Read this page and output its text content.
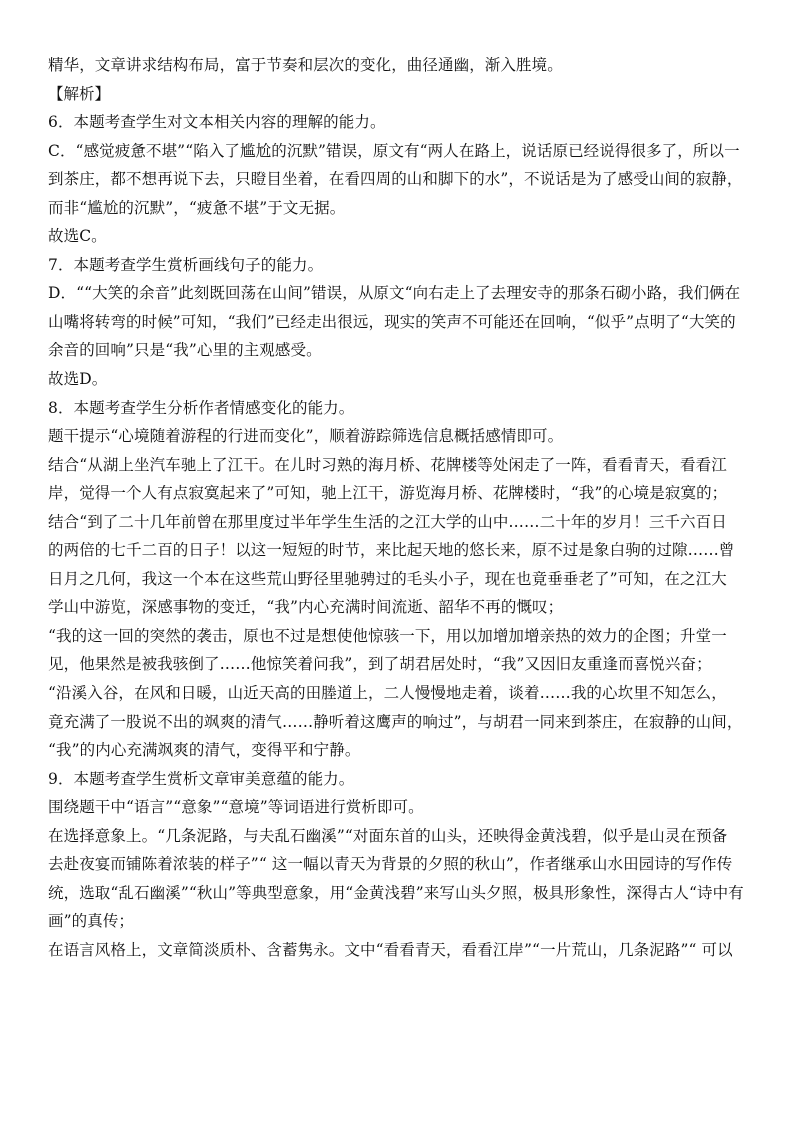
精华，文章讲求结构布局，富于节奏和层次的变化，曲径通幽，渐入胜境。
【解析】
6．本题考查学生对文本相关内容的理解的能力。
C．“感觉疲惫不堪”“陷入了尴尬的沉默”错误，原文有“两人在路上，说话原已经说得很多了，所以一
到茶庄，都不想再说下去，只瞪目坐着，在看四周的山和脚下的水”，不说话是为了感受山间的寂静，
而非“尴尬的沉默”，“疲惫不堪”于文无据。
故选C。
7．本题考查学生赏析画线句子的能力。
D．““大笑的余音”此刻既回荡在山间”错误，从原文“向右走上了去理安寺的那条石砌小路，我们俩在
山嘴将转弯的时候”可知，“我们”已经走出很远，现实的笑声不可能还在回响，“似乎”点明了“大笑的
余音的回响”只是“我”心里的主观感受。
故选D。
8．本题考查学生分析作者情感变化的能力。
题干提示“心境随着游程的行进而变化”，顺着游踪筛选信息概括感情即可。
结合“从湖上坐汽车驰上了江干。在儿时习熟的海月桥、花牌楼等处闲走了一阵，看看青天，看看江
岸，觉得一个人有点寂寞起来了”可知，驰上江干，游览海月桥、花牌楼时，“我”的心境是寂寞的；
结合“到了二十几年前曾在那里度过半年学生生活的之江大学的山中……二十年的岁月！三千六百日
的两倍的七千二百的日子！以这一短短的时节，来比起天地的悠长来，原不过是象白驹的过隙……曾
日月之几何，我这一个本在这些荒山野径里驰骋过的毛头小子，现在也竟垂垂老了”可知，在之江大
学山中游览，深感事物的变迁，“我”内心充满时间流逝、韶华不再的慨叹；
“我的这一回的突然的袭击，原也不过是想使他惊骇一下，用以加增加增亲热的效力的企图；升堂一
见，他果然是被我骇倒了……他惊笑着问我”，到了胡君居处时，“我”又因旧友重逢而喜悦兴奋；
“沿溪入谷，在风和日暖，山近天高的田塍道上，二人慢慢地走着，谈着……我的心坎里不知怎么，
竟充满了一股说不出的飒爽的清气……静听着这鹰声的响过”，与胡君一同来到茶庄，在寂静的山间，
“我”的内心充满飒爽的清气，变得平和宁静。
9．本题考查学生赏析文章审美意蕴的能力。
围绕题干中“语言”“意象”“意境”等词语进行赏析即可。
在选择意象上。“几条泥路，与夫乱石幽溪”“对面东首的山头，还映得金黄浅碧，似乎是山灵在预备
去赴夜宴而铺陈着浓装的样子”“ 这一幅以青天为背景的夕照的秋山”，作者继承山水田园诗的写作传
统，选取“乱石幽溪”“秋山”等典型意象，用“金黄浅碧”来写山头夕照，极具形象性，深得古人“诗中有
画”的真传；
在语言风格上，文章简淡质朴、含蓄隽永。文中“看看青天，看看江岸”“一片荒山，几条泥路”“ 可以
